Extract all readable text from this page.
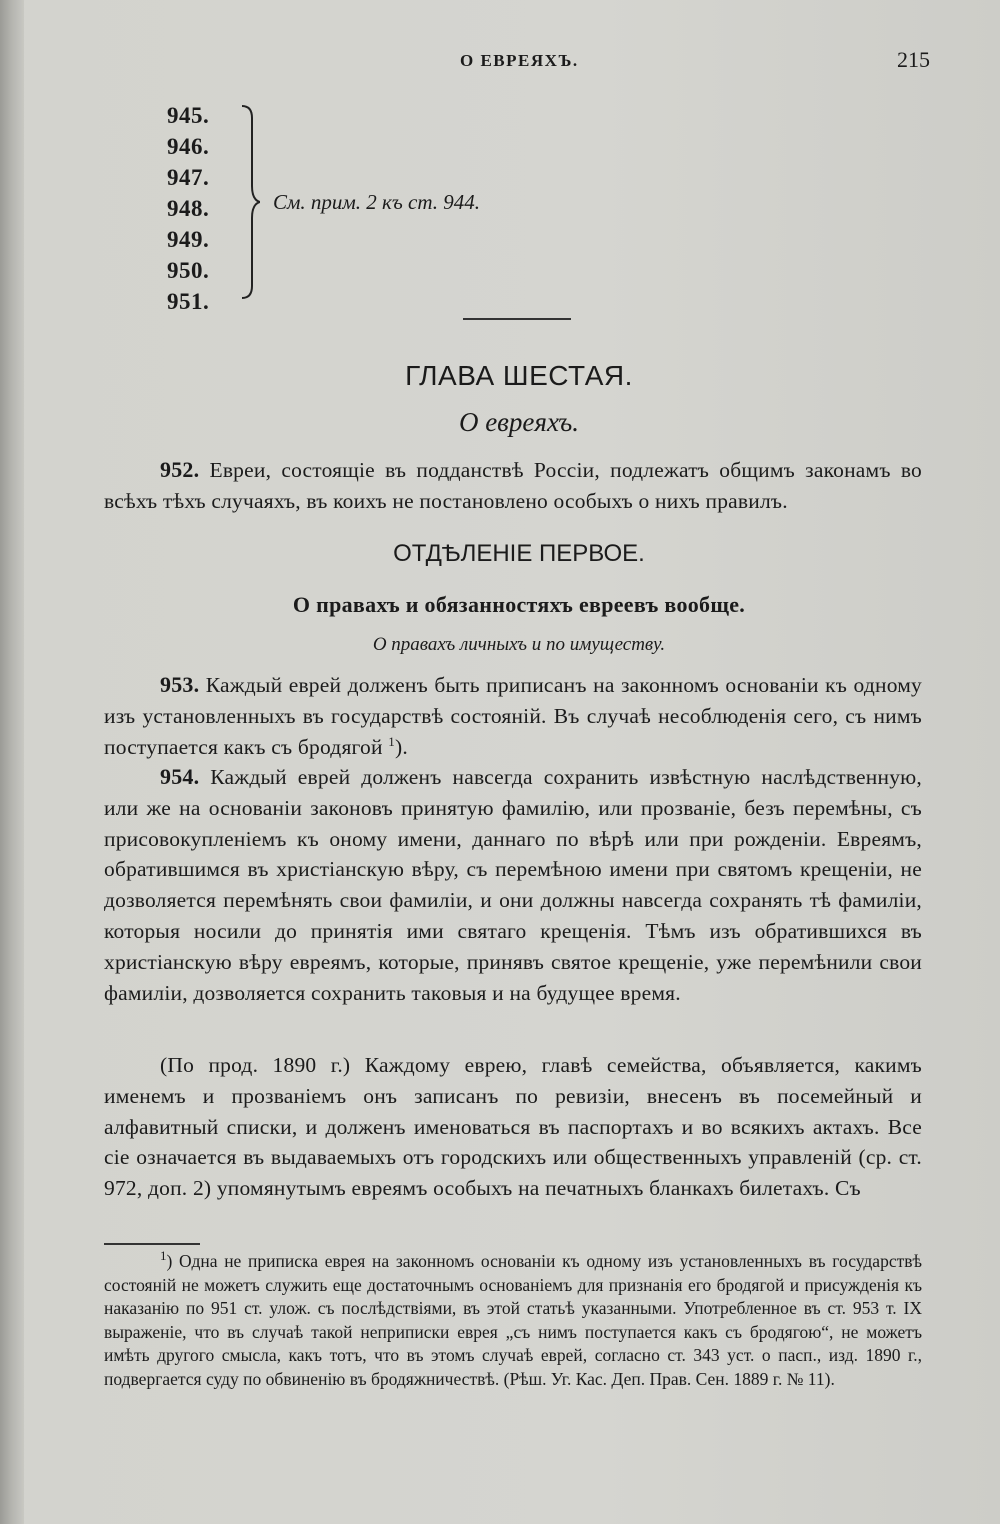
О ЕВРЕЯХЪ.	215
945.
946.
947.
948.
949.
950.
951.
См. прим. 2 къ ст. 944.
ГЛАВА ШЕСТАЯ.
О евреяхъ.
952. Евреи, состоящіе въ подданствѣ Россіи, подлежатъ общимъ законамъ во всѣхъ тѣхъ случаяхъ, въ коихъ не постановлено особыхъ о нихъ правилъ.
ОТДѢЛЕНІЕ ПЕРВОЕ.
О правахъ и обязанностяхъ евреевъ вообще.
О правахъ личныхъ и по имуществу.
953. Каждый еврей долженъ быть приписанъ на законномъ основаніи къ одному изъ установленныхъ въ государствѣ состояній. Въ случаѣ несоблюденія сего, съ нимъ поступается какъ съ бродягой $^1$).
954. Каждый еврей долженъ навсегда сохранить извѣстную наслѣдственную, или же на основаніи законовъ принятую фамилію, или прозваніе, безъ перемѣны, съ присовокупленіемъ къ оному имени, даннаго по вѣрѣ или при рожденіи. Евреямъ, обратившимся въ христіанскую вѣру, съ перемѣною имени при святомъ крещеніи, не дозволяется перемѣнять свои фамиліи, и они должны навсегда сохранять тѣ фамиліи, которыя носили до принятія ими святаго крещенія. Тѣмъ изъ обратившихся въ христіанскую вѣру евреямъ, которые, принявъ святое крещеніе, уже перемѣнили свои фамиліи, дозволяется сохранить таковыя и на будущее время.
(По прод. 1890 г.) Каждому еврею, главѣ семейства, объявляется, какимъ именемъ и прозваніемъ онъ записанъ по ревизіи, внесенъ въ посемейный и алфавитный списки, и долженъ именоваться въ паспортахъ и во всякихъ актахъ. Все сіе означается въ выдаваемыхъ отъ городскихъ или общественныхъ управленій (ср. ст. 972, доп. 2) упомянутымъ евреямъ особыхъ на печатныхъ бланкахъ билетахъ. Съ
$^1$) Одна не приписка еврея на законномъ основаніи къ одному изъ установленныхъ въ государствѣ состояній не можетъ служить еще достаточнымъ основаніемъ для признанія его бродягой и присужденія къ наказанію по 951 ст. улож. съ послѣдствіями, въ этой статьѣ указанными. Употребленное въ ст. 953 т. IX выраженіе, что въ случаѣ такой неприписки еврея „съ нимъ поступается какъ съ бродягою“, не можетъ имѣть другого смысла, какъ тотъ, что въ этомъ случаѣ еврей, согласно ст. 343 уст. о пасп., изд. 1890 г., подвергается суду по обвиненію въ бродяжничествѣ. (Рѣш. Уг. Кас. Деп. Прав. Сен. 1889 г. № 11).
